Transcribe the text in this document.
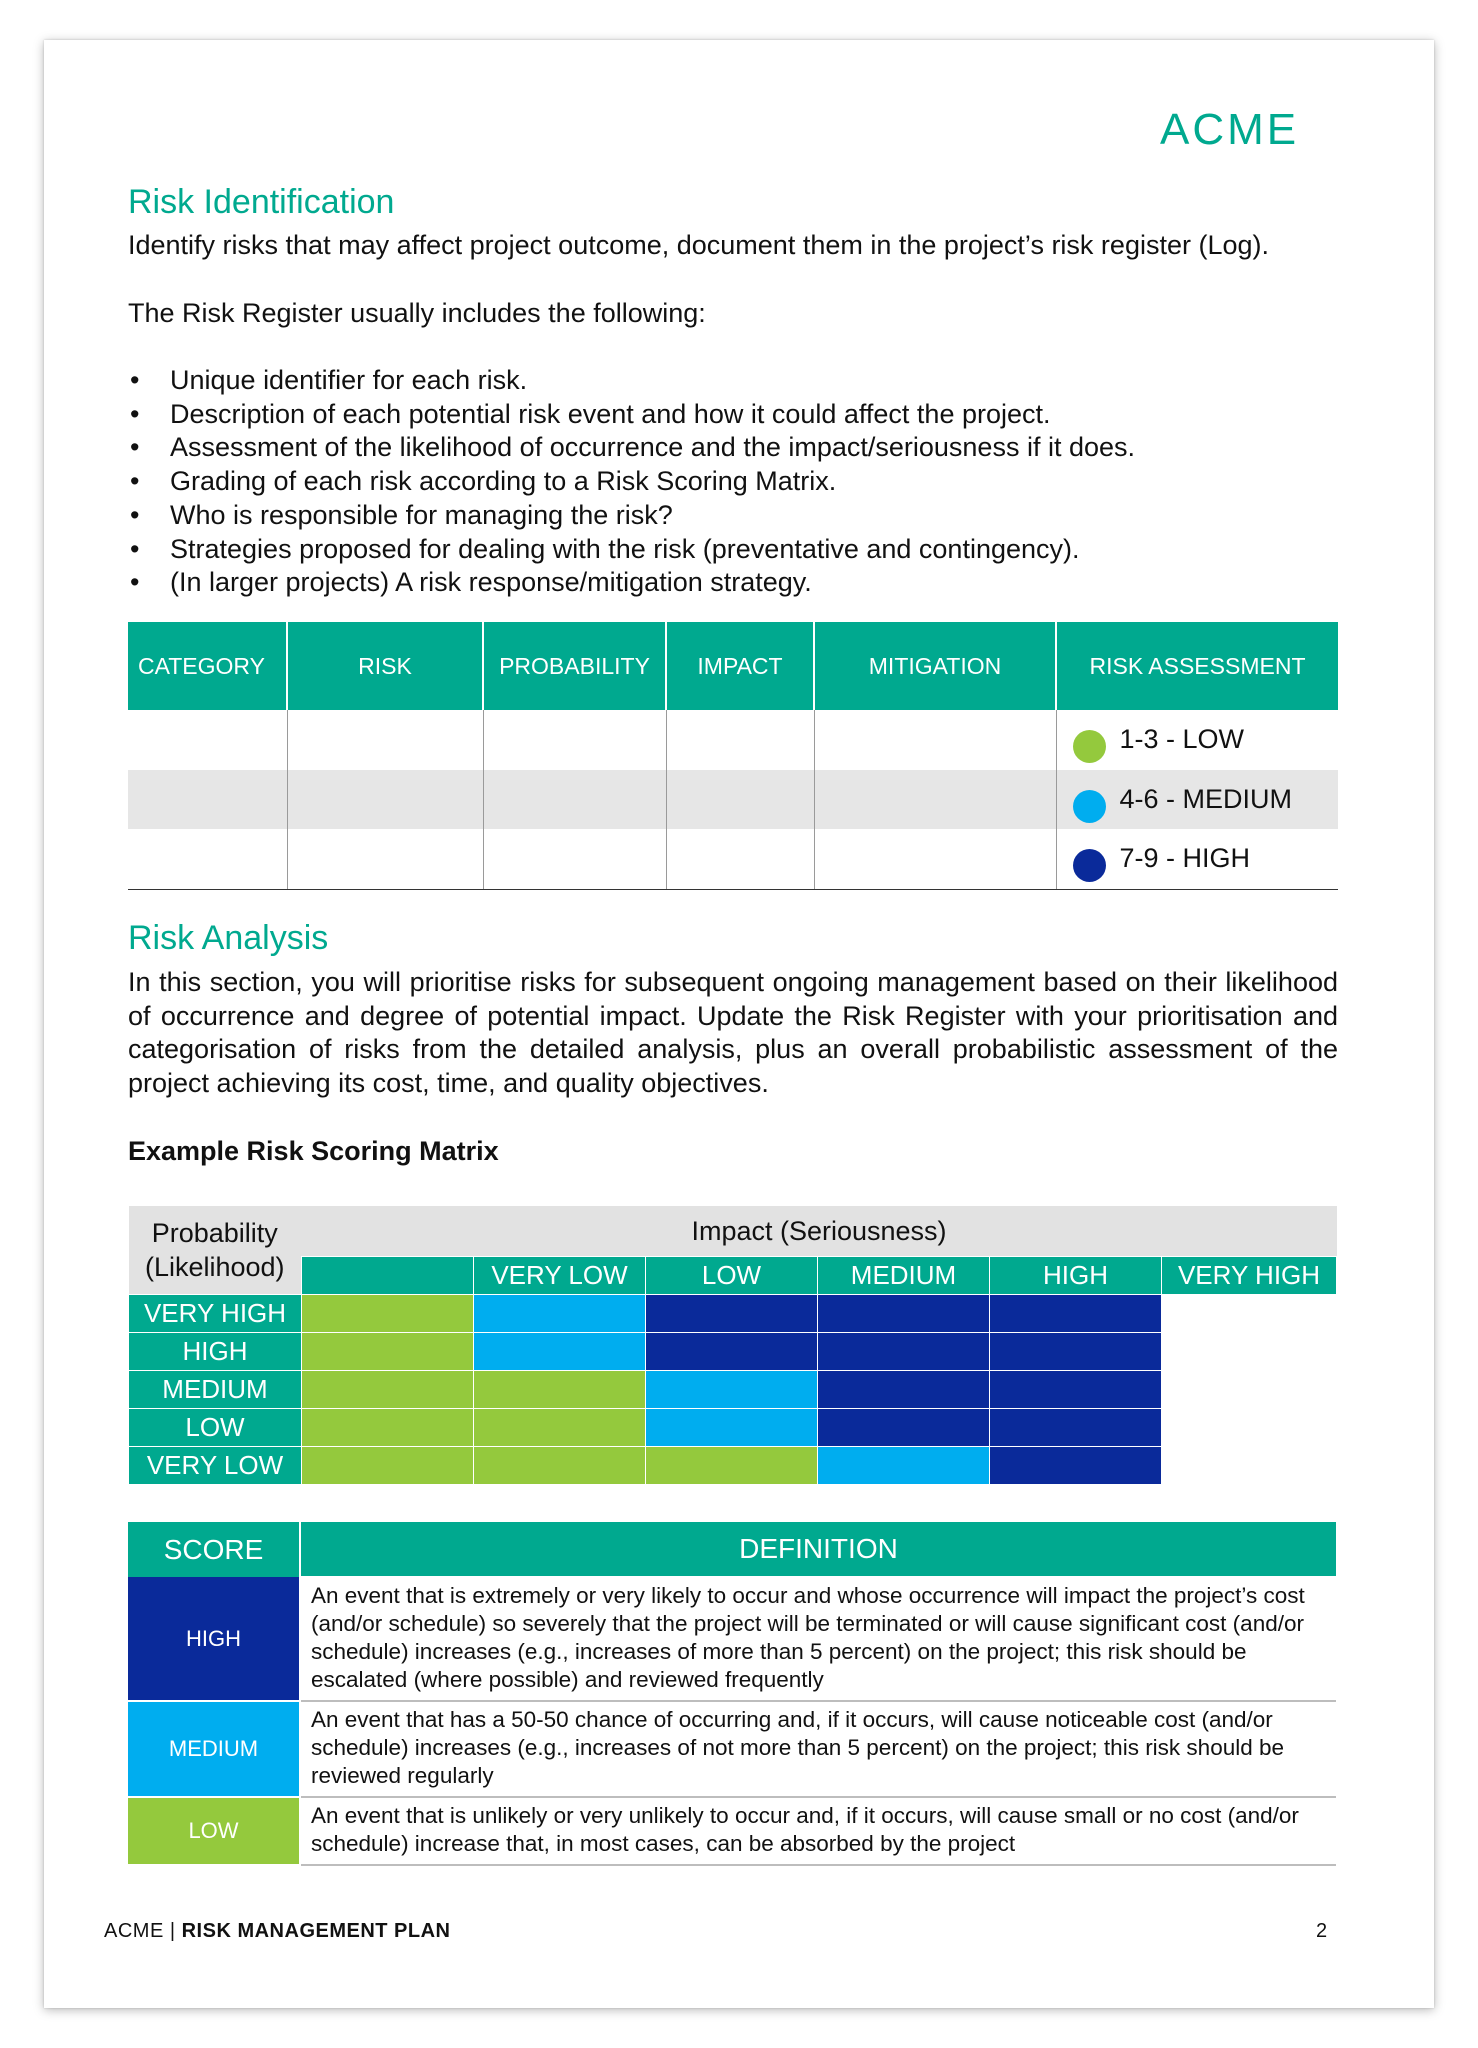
ACME
Risk Identification
Identify risks that may affect project outcome, document them in the project’s risk register (Log).
The Risk Register usually includes the following:
• Unique identifier for each risk.
• Description of each potential risk event and how it could affect the project.
• Assessment of the likelihood of occurrence and the impact/seriousness if it does.
• Grading of each risk according to a Risk Scoring Matrix.
• Who is responsible for managing the risk?
• Strategies proposed for dealing with the risk (preventative and contingency).
• (In larger projects) A risk response/mitigation strategy.
CATEGORY	RISK	PROBABILITY	IMPACT	MITIGATION	RISK ASSESSMENT

					1-3 - LOW

					4-6 - MEDIUM

					7-9 - HIGH
Risk Analysis
In this section, you will prioritise risks for subsequent ongoing management based on their likelihood of occurrence and degree of potential impact. Update the Risk Register with your prioritisation and categorisation of risks from the detailed analysis, plus an overall probabilistic assessment of the project achieving its cost, time, and quality objectives.
Example Risk Scoring Matrix
Probability
(Likelihood)	Impact (Seriousness)					
		VERY LOW	LOW	MEDIUM	HIGH	VERY HIGH
VERY HIGH						
HIGH						
MEDIUM						
LOW						
VERY LOW						
SCORE	DEFINITION
HIGH	An event that is extremely or very likely to occur and whose occurrence will impact the project’s cost (and/or schedule) so severely that the project will be terminated or will cause significant cost (and/or schedule) increases (e.g., increases of more than 5 percent) on the project; this risk should be escalated (where possible) and reviewed frequently
MEDIUM	An event that has a 50-50 chance of occurring and, if it occurs, will cause noticeable cost (and/or schedule) increases (e.g., increases of not more than 5 percent) on the project; this risk should be reviewed regularly
LOW	An event that is unlikely or very unlikely to occur and, if it occurs, will cause small or no cost (and/or schedule) increase that, in most cases, can be absorbed by the project
ACME | RISK MANAGEMENT PLAN	2
